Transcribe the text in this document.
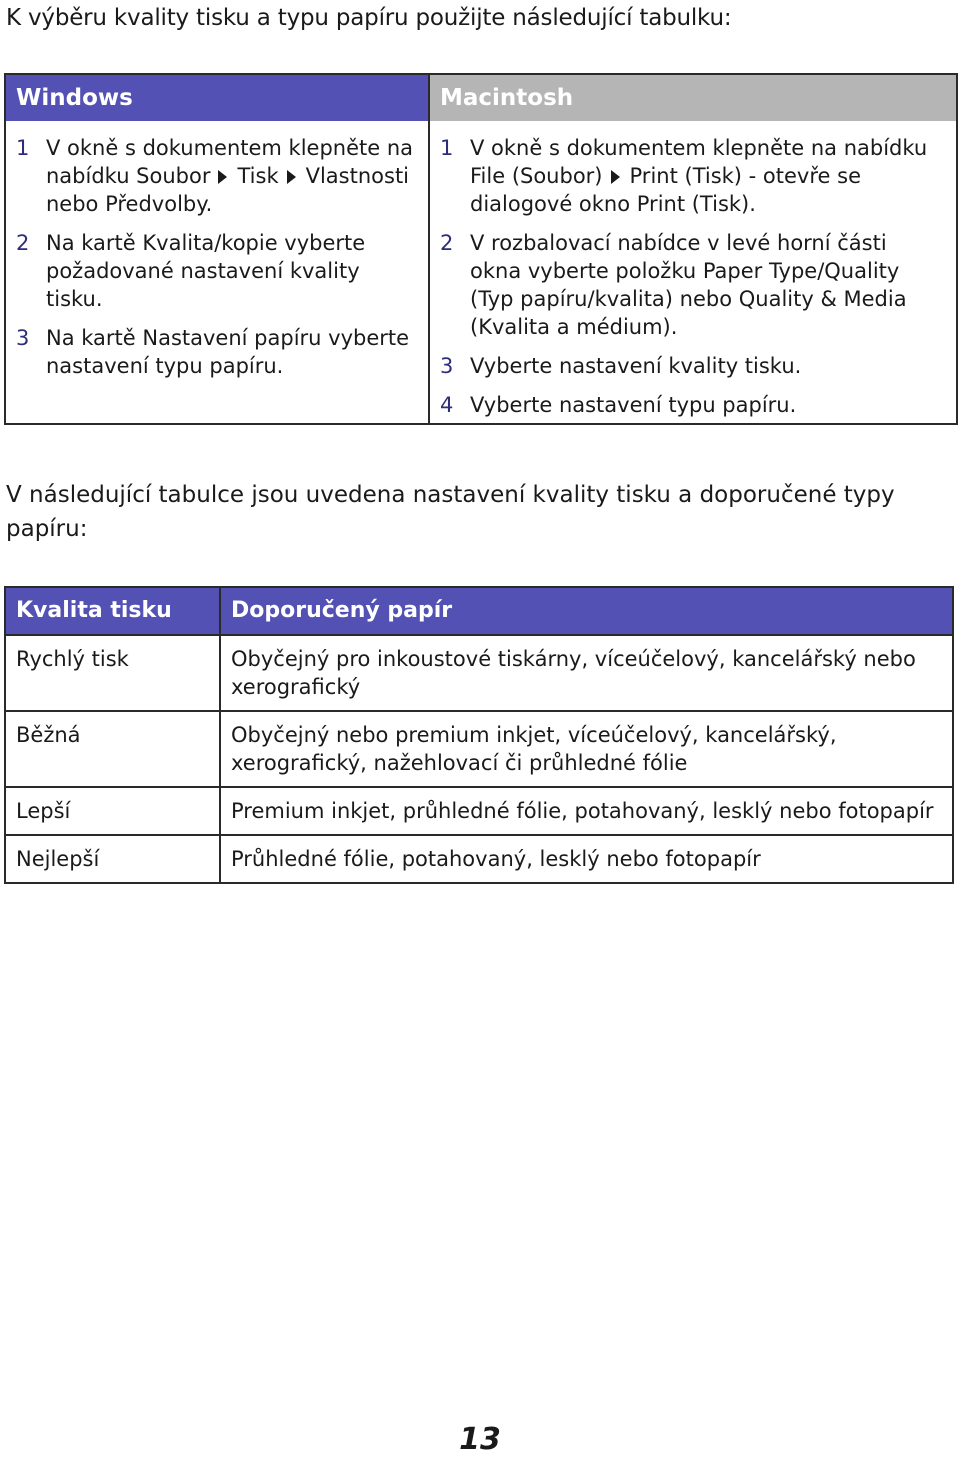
K výběru kvality tisku a typu papíru použijte následující tabulku:
Windows
1 V okně s dokumentem klepněte na nabídku Soubor Tisk Vlastnosti nebo Předvolby.
2 Na kartě Kvalita/kopie vyberte požadované nastavení kvality tisku.
3 Na kartě Nastavení papíru vyberte nastavení typu papíru.
Macintosh
1 V okně s dokumentem klepněte na nabídku File (Soubor) Print (Tisk) - otevře se dialogové okno Print (Tisk).
2 V rozbalovací nabídce v levé horní části okna vyberte položku Paper Type/Quality (Typ papíru/kvalita) nebo Quality & Media (Kvalita a médium).
3 Vyberte nastavení kvality tisku.
4 Vyberte nastavení typu papíru.
V následující tabulce jsou uvedena nastavení kvality tisku a doporučené typy papíru:
Kvalita tisku	Doporučený papír
Rychlý tisk	Obyčejný pro inkoustové tiskárny, víceúčelový, kancelářský nebo xerografický
Běžná	Obyčejný nebo premium inkjet, víceúčelový, kancelářský, xerografický, nažehlovací či průhledné fólie
Lepší	Premium inkjet, průhledné fólie, potahovaný, lesklý nebo fotopapír
Nejlepší	Průhledné fólie, potahovaný, lesklý nebo fotopapír
13
